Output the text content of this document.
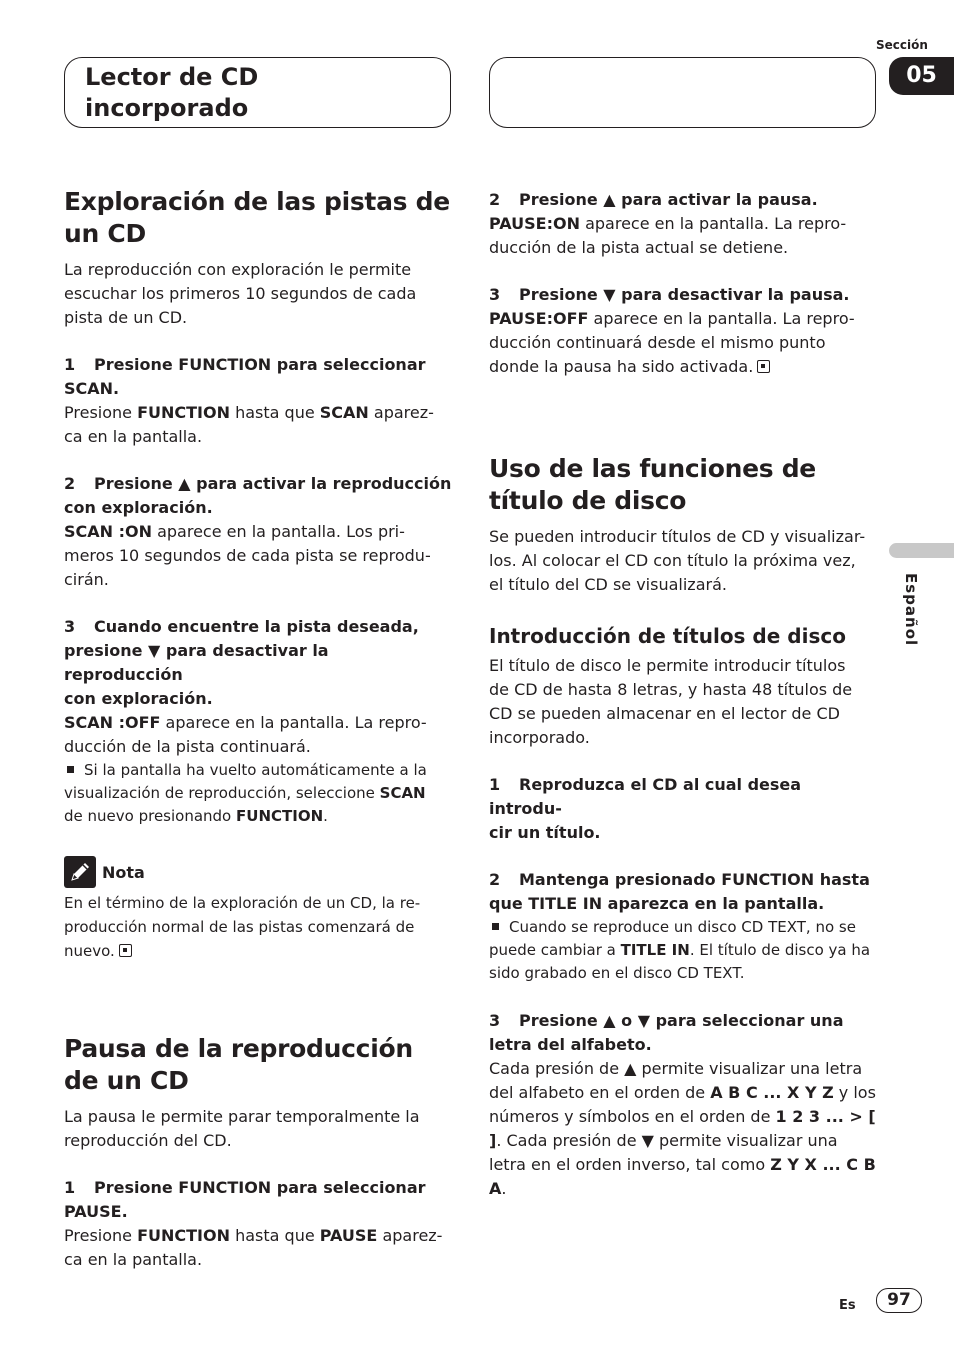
Lector de CD
incorporado
Sección
05
Español
Exploración de las pistas de
un CD
La reproducción con exploración le permite
escuchar los primeros 10 segundos de cada
pista de un CD.
1 Presione FUNCTION para seleccionar
SCAN.
Presione FUNCTION hasta que SCAN aparez-
ca en la pantalla.
2 Presione ▲ para activar la reproducción
con exploración.
SCAN :ON aparece en la pantalla. Los pri-
meros 10 segundos de cada pista se reprodu-
cirán.
3 Cuando encuentre la pista deseada,
presione ▼ para desactivar la reproducción
con exploración.
SCAN :OFF aparece en la pantalla. La repro-
ducción de la pista continuará.
Si la pantalla ha vuelto automáticamente a la
visualización de reproducción, seleccione SCAN
de nuevo presionando FUNCTION.
Nota
En el término de la exploración de un CD, la re-
producción normal de las pistas comenzará de
nuevo.
Pausa de la reproducción
de un CD
La pausa le permite parar temporalmente la
reproducción del CD.
1 Presione FUNCTION para seleccionar
PAUSE.
Presione FUNCTION hasta que PAUSE aparez-
ca en la pantalla.
2 Presione ▲ para activar la pausa.
PAUSE:ON aparece en la pantalla. La repro-
ducción de la pista actual se detiene.
3 Presione ▼ para desactivar la pausa.
PAUSE:OFF aparece en la pantalla. La repro-
ducción continuará desde el mismo punto
donde la pausa ha sido activada.
Uso de las funciones de
título de disco
Se pueden introducir títulos de CD y visualizar-
los. Al colocar el CD con título la próxima vez,
el título del CD se visualizará.
Introducción de títulos de disco
El título de disco le permite introducir títulos
de CD de hasta 8 letras, y hasta 48 títulos de
CD se pueden almacenar en el lector de CD
incorporado.
1 Reproduzca el CD al cual desea introdu-
cir un título.
2 Mantenga presionado FUNCTION hasta
que TITLE IN aparezca en la pantalla.
Cuando se reproduce un disco CD TEXT, no se
puede cambiar a TITLE IN. El título de disco ya ha
sido grabado en el disco CD TEXT.
3 Presione ▲ o ▼ para seleccionar una
letra del alfabeto.
Cada presión de ▲ permite visualizar una letra
del alfabeto en el orden de A B C ... X Y Z y los
números y símbolos en el orden de 1 2 3 ... > [
]. Cada presión de ▼ permite visualizar una
letra en el orden inverso, tal como Z Y X ... C B
A.
Es	97
